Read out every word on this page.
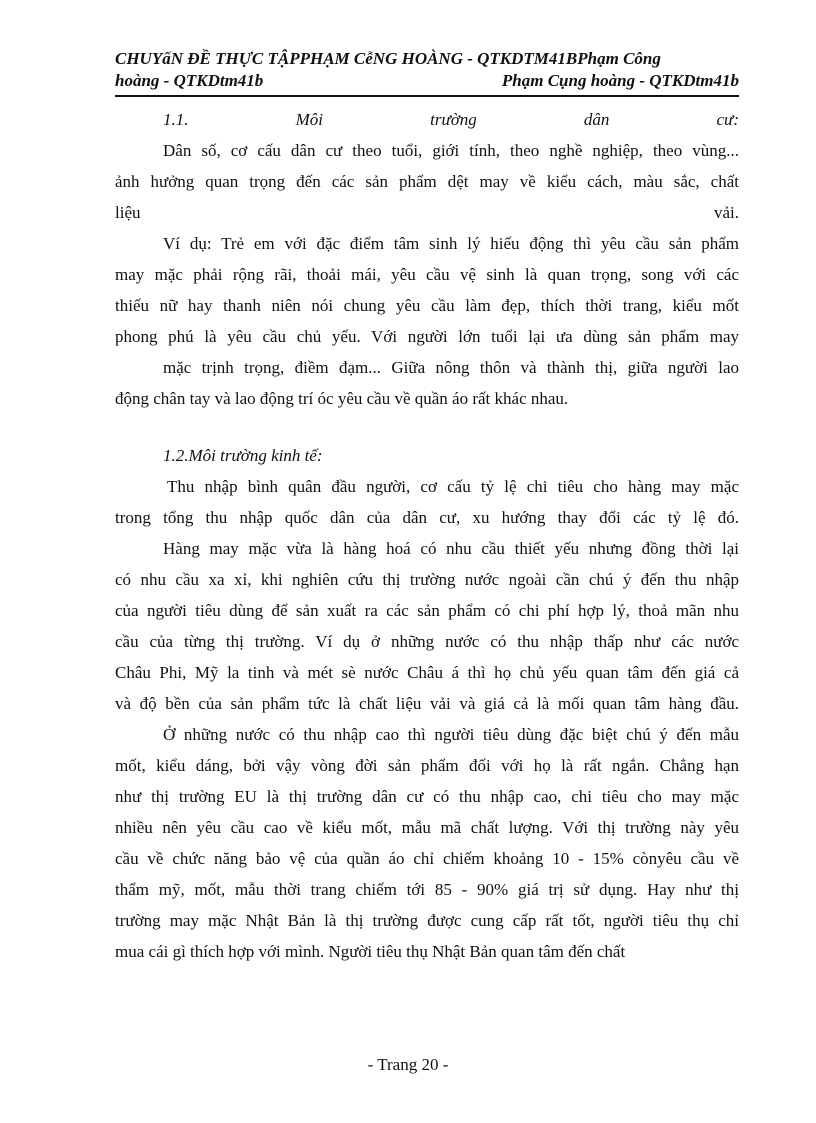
CHUYấN ĐỀ THỰC TẬPPHẠM CễNG HOÀNG - QTKDTM41BPhạm Công
hoàng - QTKDtm41b	Phạm Cụng hoàng - QTKDtm41b
1.1.	Môi	trường	dân	cư:
Dân số, cơ cấu dân cư theo tuổi, giới tính, theo nghề nghiệp, theo vùng...
ảnh hưởng quan trọng đến các sản phẩm dệt may về kiểu cách, màu sắc, chất
liệu	vải.
Ví dụ: Trẻ em với đặc điểm tâm sinh lý hiếu động thì yêu cầu sản phẩm
may mặc phải rộng rãi, thoải mái, yêu cầu vệ sinh là quan trọng, song với các
thiếu nữ hay thanh niên nói chung yêu cầu làm đẹp, thích thời trang, kiểu mốt
phong phú là yêu cầu chủ yếu. Với người lớn tuổi lại ưa dùng sản phẩm may
mặc trịnh trọng, điềm đạm... Giữa nông thôn và thành thị, giữa người lao
động chân tay và lao động trí óc yêu cầu về quần áo rất khác nhau.
1.2.Môi trường kinh tế:
Thu nhập bình quân đầu người, cơ cấu tỷ lệ chi tiêu cho hàng may mặc
trong tổng thu nhập quốc dân của dân cư, xu hướng thay đổi các tỷ lệ đó.
Hàng may mặc vừa là hàng hoá có nhu cầu thiết yếu nhưng đồng thời lại
có nhu cầu xa xỉ, khi nghiên cứu thị trường nước ngoài cần chú ý đến thu nhập
của người tiêu dùng để sản xuất ra các sản phẩm có chi phí hợp lý, thoả mãn nhu
cầu của từng thị trường. Ví dụ ở những nước có thu nhập thấp như các nước
Châu Phi, Mỹ la tinh và mét sè nước Châu á thì họ chủ yếu quan tâm đến giá cả
và độ bền của sản phẩm tức là chất liệu vải và giá cả là mối quan tâm hàng đầu.
Ở những nước có thu nhập cao thì người tiêu dùng đặc biệt chú ý đến mẫu
mốt, kiểu dáng, bởi vậy vòng đời sản phẩm đối với họ là rất ngắn. Chẳng hạn
như thị trường EU là thị trường dân cư có thu nhập cao, chi tiêu cho may mặc
nhiều nên yêu cầu cao về kiểu mốt, mẫu mã chất lượng. Với thị trường này yêu
cầu về chức năng bảo vệ của quần áo chỉ chiếm khoảng 10 - 15% cònyêu cầu về
thẩm mỹ, mốt, mẫu thời trang chiếm tới 85 - 90% giá trị sử dụng. Hay như thị
trường may mặc Nhật Bản là thị trường được cung cấp rất tốt, người tiêu thụ chỉ
mua cái gì thích hợp với mình. Người tiêu thụ Nhật Bản quan tâm đến chất
- Trang 20 -
